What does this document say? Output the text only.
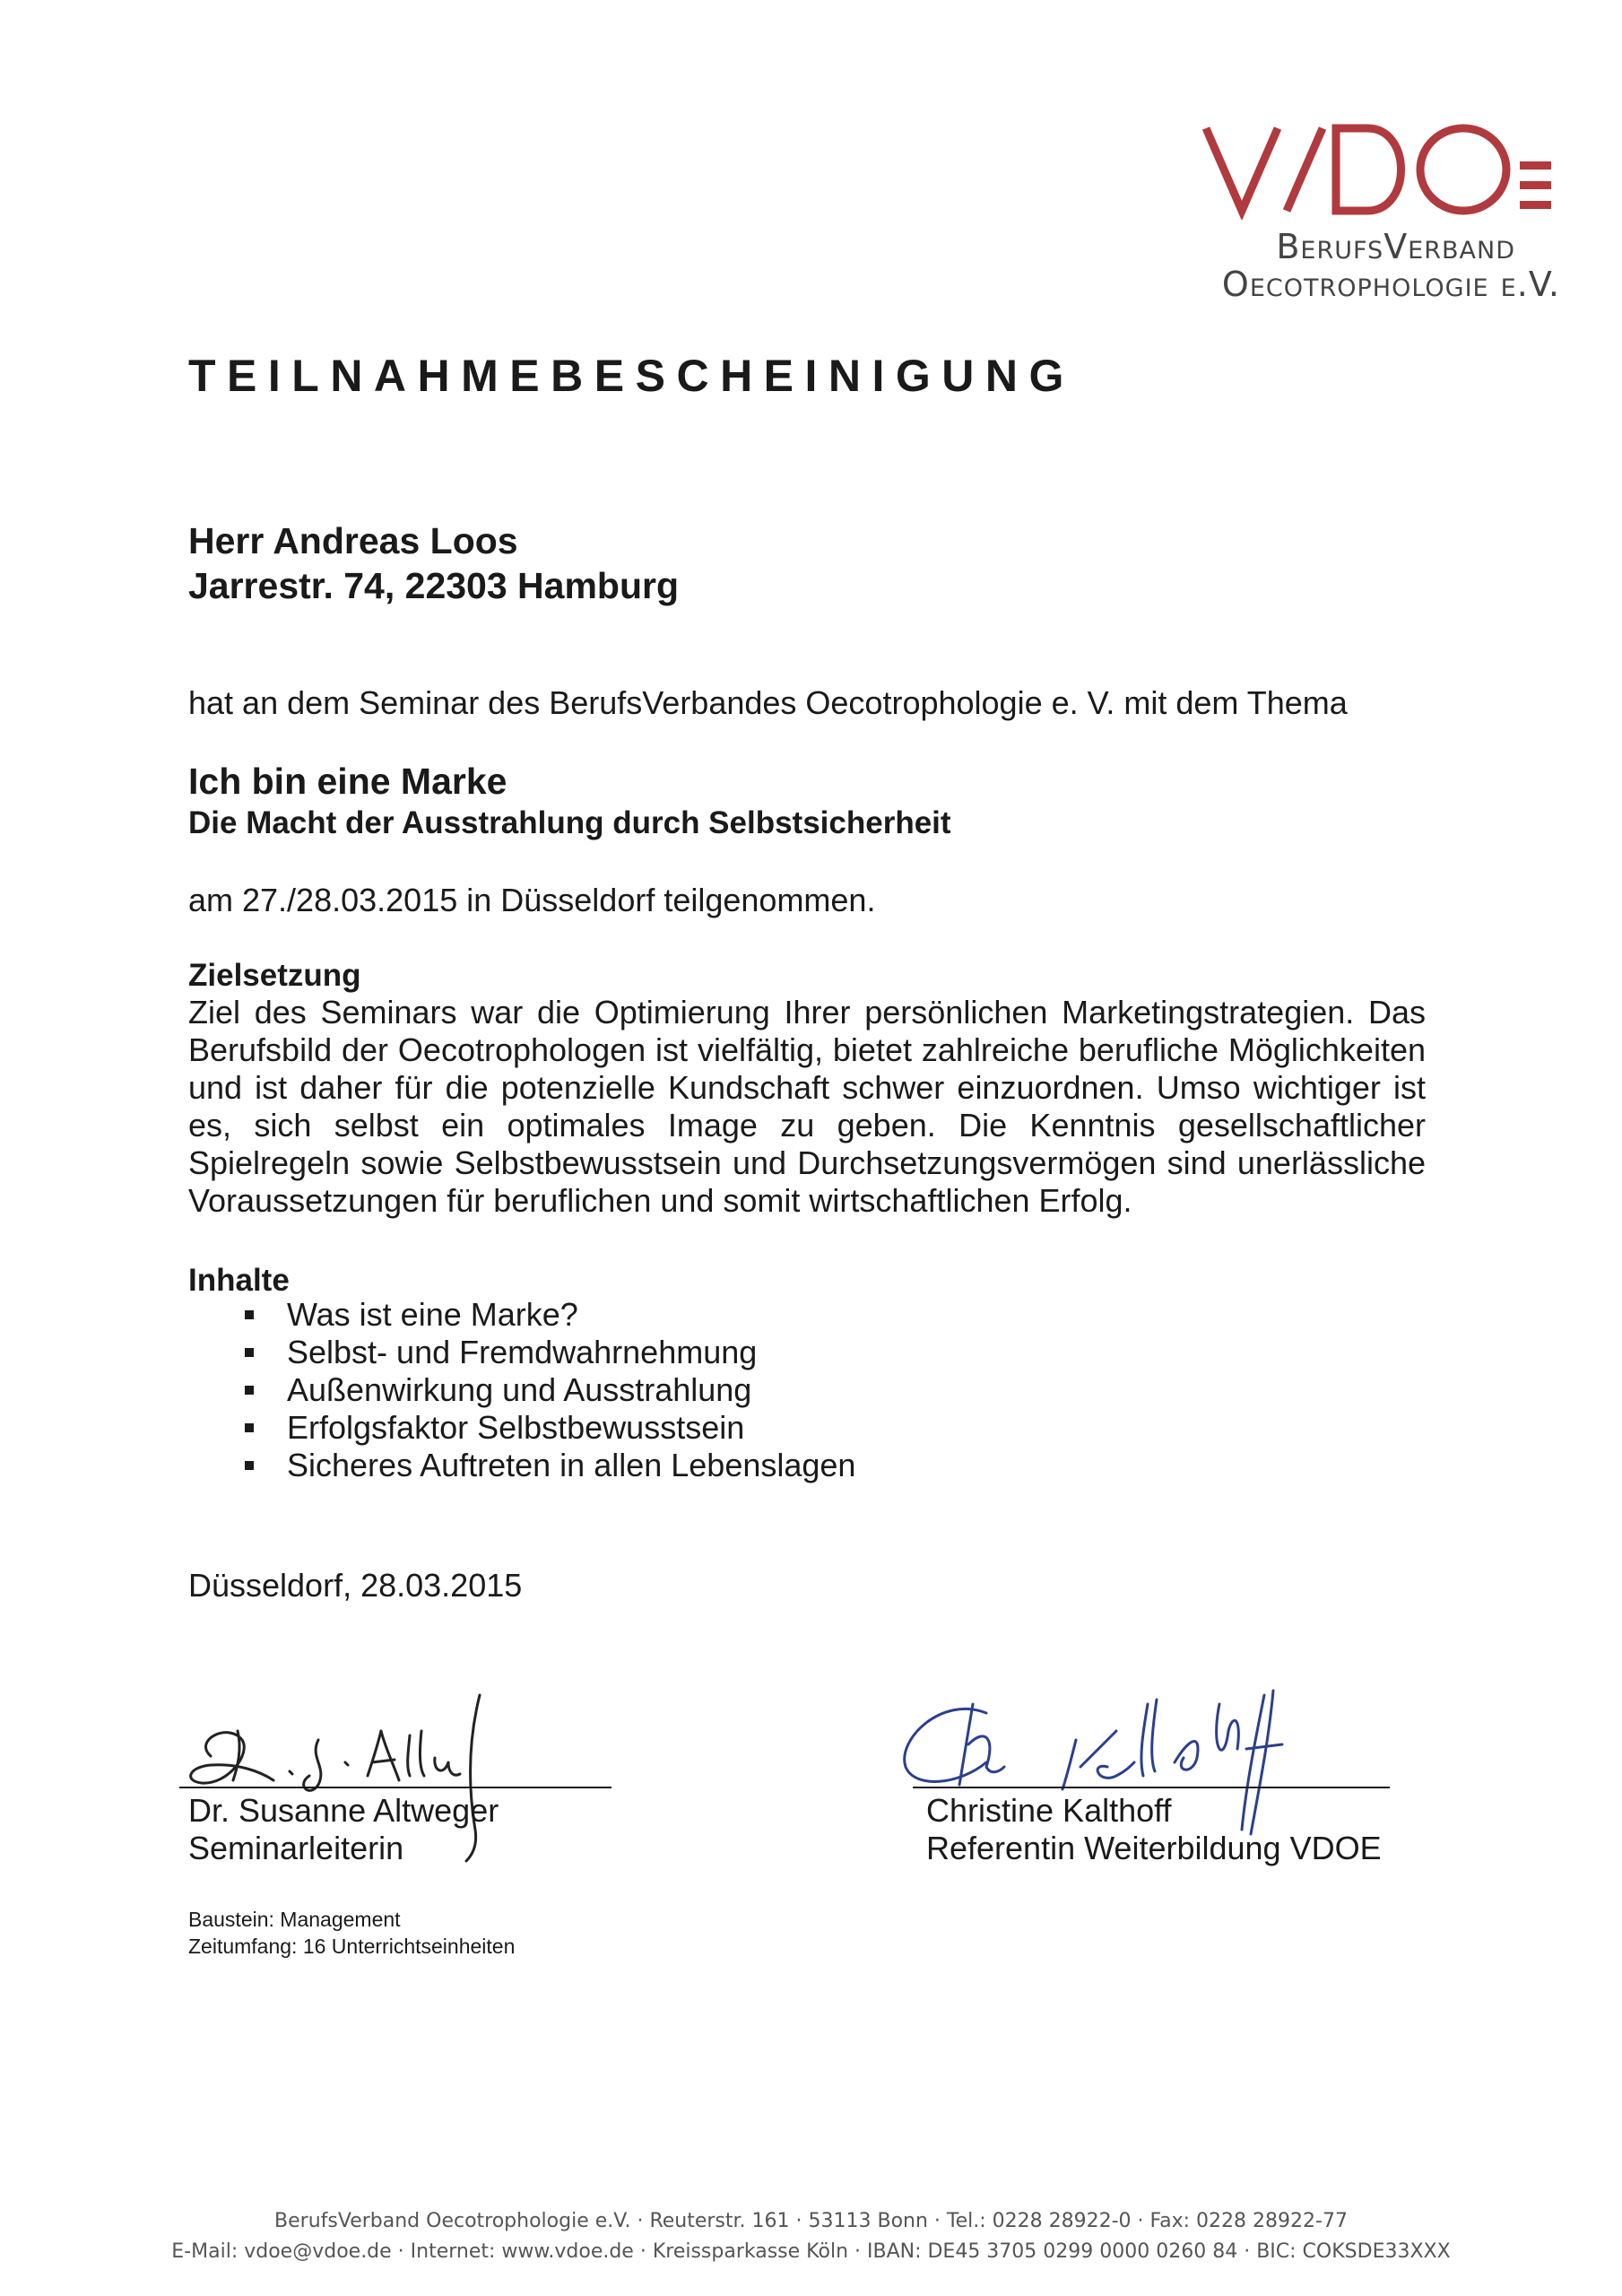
BerufsVerband
Oecotrophologie e.V.
TEILNAHMEBESCHEINIGUNG
Herr Andreas Loos
Jarrestr. 74, 22303 Hamburg
hat an dem Seminar des BerufsVerbandes Oecotrophologie e. V. mit dem Thema
Ich bin eine Marke
Die Macht der Ausstrahlung durch Selbstsicherheit
am 27./28.03.2015 in Düsseldorf teilgenommen.
Zielsetzung
Ziel des Seminars war die Optimierung Ihrer persönlichen Marketingstrategien. Das Berufsbild der Oecotrophologen ist vielfältig, bietet zahlreiche berufliche Möglichkeiten und ist daher für die potenzielle Kundschaft schwer einzuordnen. Umso wichtiger ist es, sich selbst ein optimales Image zu geben. Die Kenntnis gesellschaftlicher Spielregeln sowie Selbstbewusstsein und Durchsetzungsvermögen sind unerlässliche Voraussetzungen für beruflichen und somit wirtschaftlichen Erfolg.
Inhalte
Was ist eine Marke?
Selbst- und Fremdwahrnehmung
Außenwirkung und Ausstrahlung
Erfolgsfaktor Selbstbewusstsein
Sicheres Auftreten in allen Lebenslagen
Düsseldorf, 28.03.2015
Dr. Susanne Altweger
Seminarleiterin
Christine Kalthoff
Referentin Weiterbildung VDOE
Baustein: Management
Zeitumfang: 16 Unterrichtseinheiten
BerufsVerband Oecotrophologie e.V. · Reuterstr. 161 · 53113 Bonn · Tel.: 0228 28922-0 · Fax: 0228 28922-77
E-Mail: vdoe@vdoe.de · Internet: www.vdoe.de · Kreissparkasse Köln · IBAN: DE45 3705 0299 0000 0260 84 · BIC: COKSDE33XXX
